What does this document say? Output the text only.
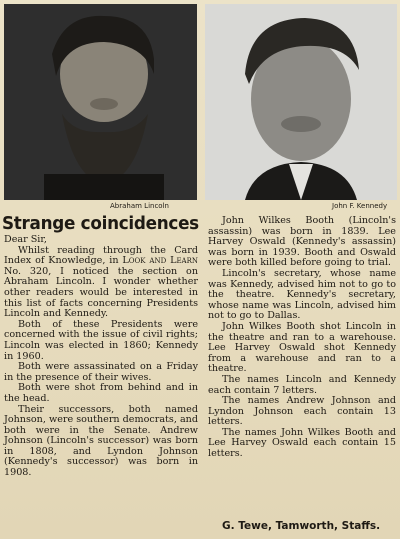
Abraham Lincoln	John F. Kennedy
Strange coincidences

Dear Sir,

Whilst reading through the Card Index of Knowledge, in Look and Learn No. 320, I noticed the section on Abraham Lincoln. I wonder whether other readers would be interested in this list of facts concerning Presidents Lincoln and Kennedy.

Both of these Presidents were concerned with the issue of civil rights; Lincoln was elected in 1860; Kennedy in 1960.

Both were assassinated on a Friday in the presence of their wives.

Both were shot from behind and in the head.

Their successors, both named Johnson, were southern democrats, and both were in the Senate. Andrew Johnson (Lincoln's successor) was born in 1808, and Lyndon Johnson (Kennedy's successor) was born in 1908.

John Wilkes Booth (Lincoln's assassin) was born in 1839. Lee Harvey Oswald (Kennedy's assassin) was born in 1939. Booth and Oswald were both killed before going to trial.

Lincoln's secretary, whose name was Kennedy, advised him not to go to the theatre. Kennedy's secretary, whose name was Lincoln, advised him not to go to Dallas.

John Wilkes Booth shot Lincoln in the theatre and ran to a warehouse. Lee Harvey Oswald shot Kennedy from a warehouse and ran to a theatre.

The names Lincoln and Kennedy each contain 7 letters.

The names Andrew Johnson and Lyndon Johnson each contain 13 letters.

The names John Wilkes Booth and Lee Harvey Oswald each contain 15 letters.

G. Tewe, Tamworth, Staffs.
